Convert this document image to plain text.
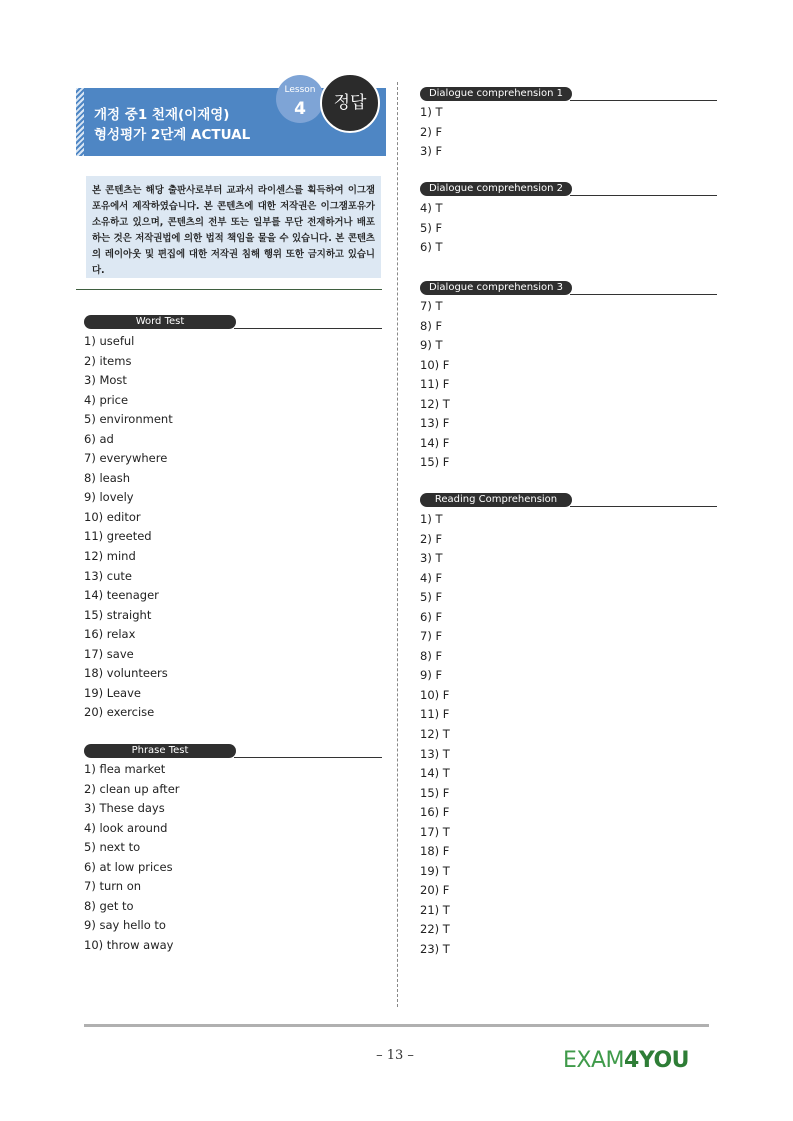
개정 중1 천재(이재영)
형성평가 2단계 ACTUAL
Lesson
4	정답
본 콘텐츠는 해당 출판사로부터 교과서 라이센스를 획득하여 이그잼포유에서 제작하였습니다. 본 콘텐츠에 대한 저작권은 이그잼포유가 소유하고 있으며, 콘텐츠의 전부 또는 일부를 무단 전재하거나 배포하는 것은 저작권법에 의한 법적 책임을 물을 수 있습니다. 본 콘텐츠의 레이아웃 및 편집에 대한 저작권 침해 행위 또한 금지하고 있습니다.
Word Test
1) useful
2) items
3) Most
4) price
5) environment
6) ad
7) everywhere
8) leash
9) lovely
10) editor
11) greeted
12) mind
13) cute
14) teenager
15) straight
16) relax
17) save
18) volunteers
19) Leave
20) exercise
Phrase Test
1) flea market
2) clean up after
3) These days
4) look around
5) next to
6) at low prices
7) turn on
8) get to
9) say hello to
10) throw away
Dialogue comprehension 1
1) T
2) F
3) F
Dialogue comprehension 2
4) T
5) F
6) T
Dialogue comprehension 3
7) T
8) F
9) T
10) F
11) F
12) T
13) F
14) F
15) F
Reading Comprehension
1) T
2) F
3) T
4) F
5) F
6) F
7) F
8) F
9) F
10) F
11) F
12) T
13) T
14) T
15) F
16) F
17) T
18) F
19) T
20) F
21) T
22) T
23) T
– 13 –	EXAM4YOU
